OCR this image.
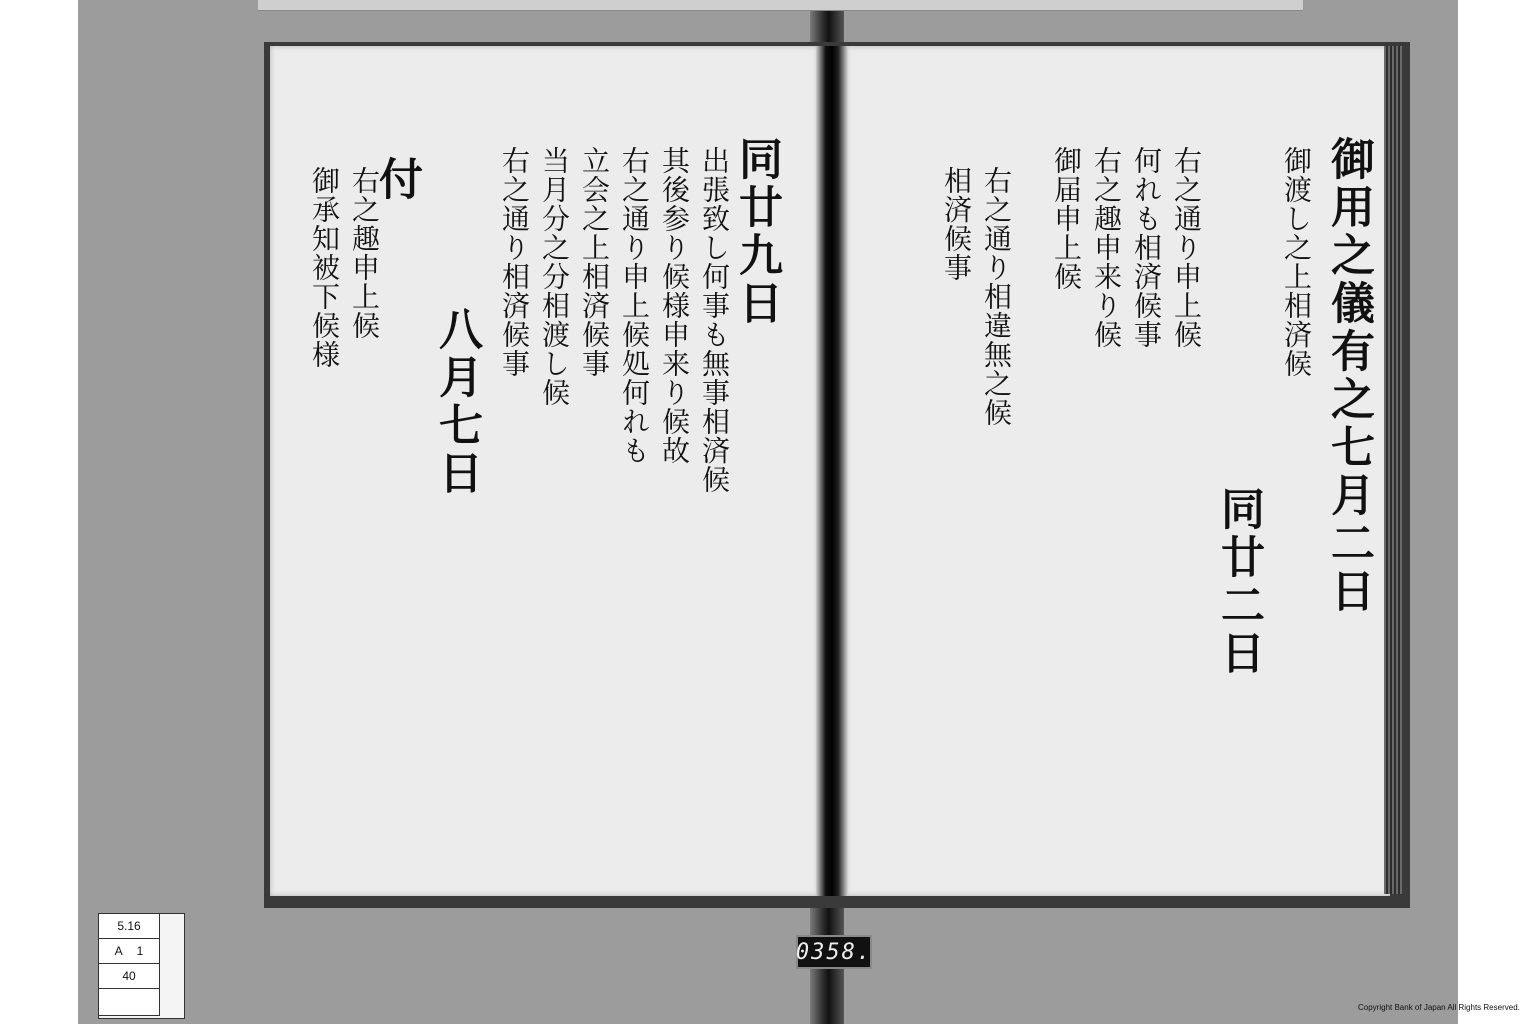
同廿九日
出張致し何事も無事相済候
其後参り候様申来り候故
右之通り申上候処何れも
立会之上相済候事
当月分之分相渡し候
右之通り相済候事
八月七日
付
右之趣申上候
御承知被下候様	御用之儀有之七月二日
御渡し之上相済候
同廿二日
右之通り申上候
何れも相済候事
右之趣申来り候
御届申上候
右之通り相違無之候
相済候事
5.16
A 1
40
0358.
Copyright Bank of Japan All Rights Reserved.
